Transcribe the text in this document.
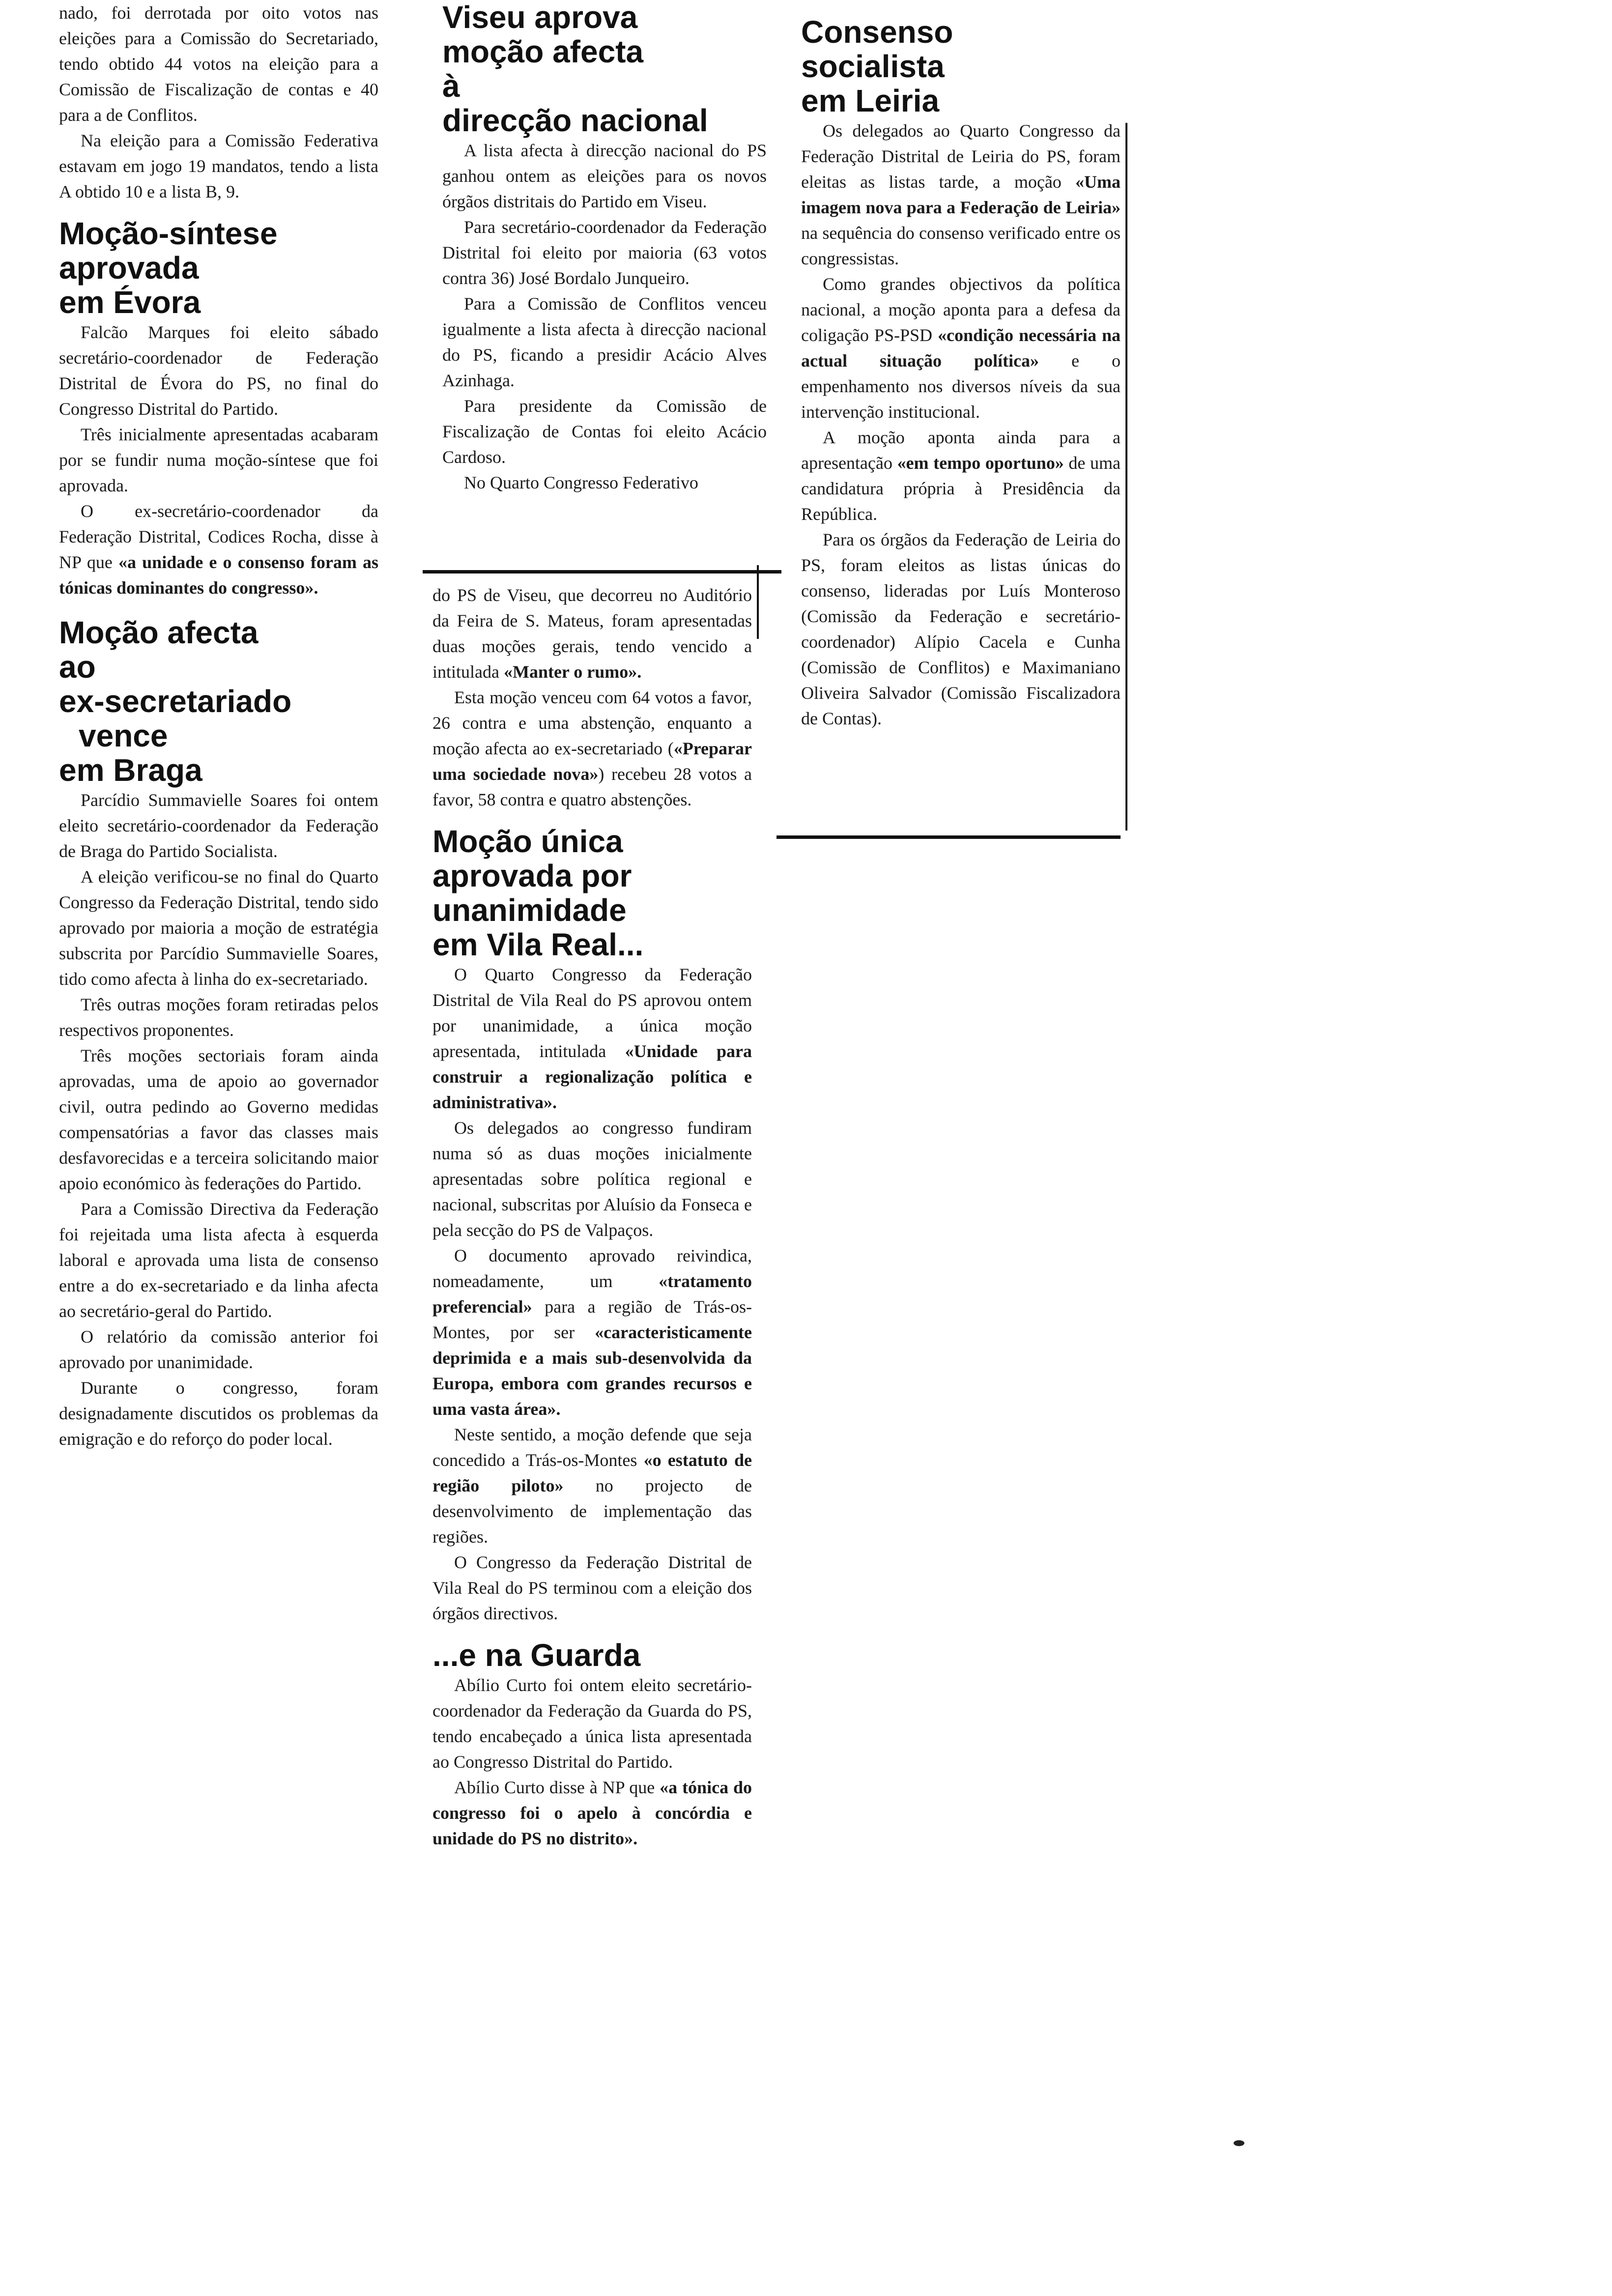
nado, foi derrotada por oito votos nas eleições para a Comissão do Secretariado, tendo obtido 44 votos na eleição para a Comissão de Fiscalização de contas e 40 para a de Conflitos.

Na eleição para a Comissão Federativa estavam em jogo 19 mandatos, tendo a lista A obtido 10 e a lista B, 9.

Moção-síntese
aprovada
em Évora

Falcão Marques foi eleito sábado secretário-coordenador de Federação Distrital de Évora do PS, no final do Congresso Distrital do Partido.

Três inicialmente apresentadas acabaram por se fundir numa moção-síntese que foi aprovada.

O ex-secretário-coordenador da Federação Distrital, Codices Rocha, disse à NP que «a unidade e o consenso foram as tónicas dominantes do congresso».

Moção afecta
ao
ex-secretariado
vence
em Braga

Parcídio Summavielle Soares foi ontem eleito secretário-coordenador da Federação de Braga do Partido Socialista.

A eleição verificou-se no final do Quarto Congresso da Federação Distrital, tendo sido aprovado por maioria a moção de estratégia subscrita por Parcídio Summavielle Soares, tido como afecta à linha do ex-secretariado.

Três outras moções foram retiradas pelos respectivos proponentes.

Três moções sectoriais foram ainda aprovadas, uma de apoio ao governador civil, outra pedindo ao Governo medidas compensatórias a favor das classes mais desfavorecidas e a terceira solicitando maior apoio económico às federações do Partido.

Para a Comissão Directiva da Federação foi rejeitada uma lista afecta à esquerda laboral e aprovada uma lista de consenso entre a do ex-secretariado e da linha afecta ao secretário-geral do Partido.

O relatório da comissão anterior foi aprovado por unanimidade.

Durante o congresso, foram designadamente discutidos os problemas da emigração e do reforço do poder local.

Viseu aprova
moção afecta
à
direcção nacional

A lista afecta à direcção nacional do PS ganhou ontem as eleições para os novos órgãos distritais do Partido em Viseu.

Para secretário-coordenador da Federação Distrital foi eleito por maioria (63 votos contra 36) José Bordalo Junqueiro.

Para a Comissão de Conflitos venceu igualmente a lista afecta à direcção nacional do PS, ficando a presidir Acácio Alves Azinhaga.

Para presidente da Comissão de Fiscalização de Contas foi eleito Acácio Cardoso.

No Quarto Congresso Federativo

do PS de Viseu, que decorreu no Auditório da Feira de S. Mateus, foram apresentadas duas moções gerais, tendo vencido a intitulada «Manter o rumo».

Esta moção venceu com 64 votos a favor, 26 contra e uma abstenção, enquanto a moção afecta ao ex-secretariado («Preparar uma sociedade nova») recebeu 28 votos a favor, 58 contra e quatro abstenções.

Moção única
aprovada por
unanimidade
em Vila Real...

O Quarto Congresso da Federação Distrital de Vila Real do PS aprovou ontem por unanimidade, a única moção apresentada, intitulada «Unidade para construir a regionalização política e administrativa».

Os delegados ao congresso fundiram numa só as duas moções inicialmente apresentadas sobre política regional e nacional, subscritas por Aluísio da Fonseca e pela secção do PS de Valpaços.

O documento aprovado reivindica, nomeadamente, um «tratamento preferencial» para a região de Trás-os-Montes, por ser «caracteristicamente deprimida e a mais sub-desenvolvida da Europa, embora com grandes recursos e uma vasta área».

Neste sentido, a moção defende que seja concedido a Trás-os-Montes «o estatuto de região piloto» no projecto de desenvolvimento de implementação das regiões.

O Congresso da Federação Distrital de Vila Real do PS terminou com a eleição dos órgãos directivos.

...e na Guarda

Abílio Curto foi ontem eleito secretário-coordenador da Federação da Guarda do PS, tendo encabeçado a única lista apresentada ao Congresso Distrital do Partido.

Abílio Curto disse à NP que «a tónica do congresso foi o apelo à concórdia e unidade do PS no distrito».

Consenso
socialista
em Leiria

Os delegados ao Quarto Congresso da Federação Distrital de Leiria do PS, foram eleitas as listas tarde, a moção «Uma imagem nova para a Federação de Leiria» na sequência do consenso verificado entre os congressistas.

Como grandes objectivos da política nacional, a moção aponta para a defesa da coligação PS-PSD «condição necessária na actual situação política» e o empenhamento nos diversos níveis da sua intervenção institucional.

A moção aponta ainda para a apresentação «em tempo oportuno» de uma candidatura própria à Presidência da República.

Para os órgãos da Federação de Leiria do PS, foram eleitos as listas únicas do consenso, lideradas por Luís Monteroso (Comissão da Federação e secretário-coordenador) Alípio Cacela e Cunha (Comissão de Conflitos) e Maximaniano Oliveira Salvador (Comissão Fiscalizadora de Contas).
